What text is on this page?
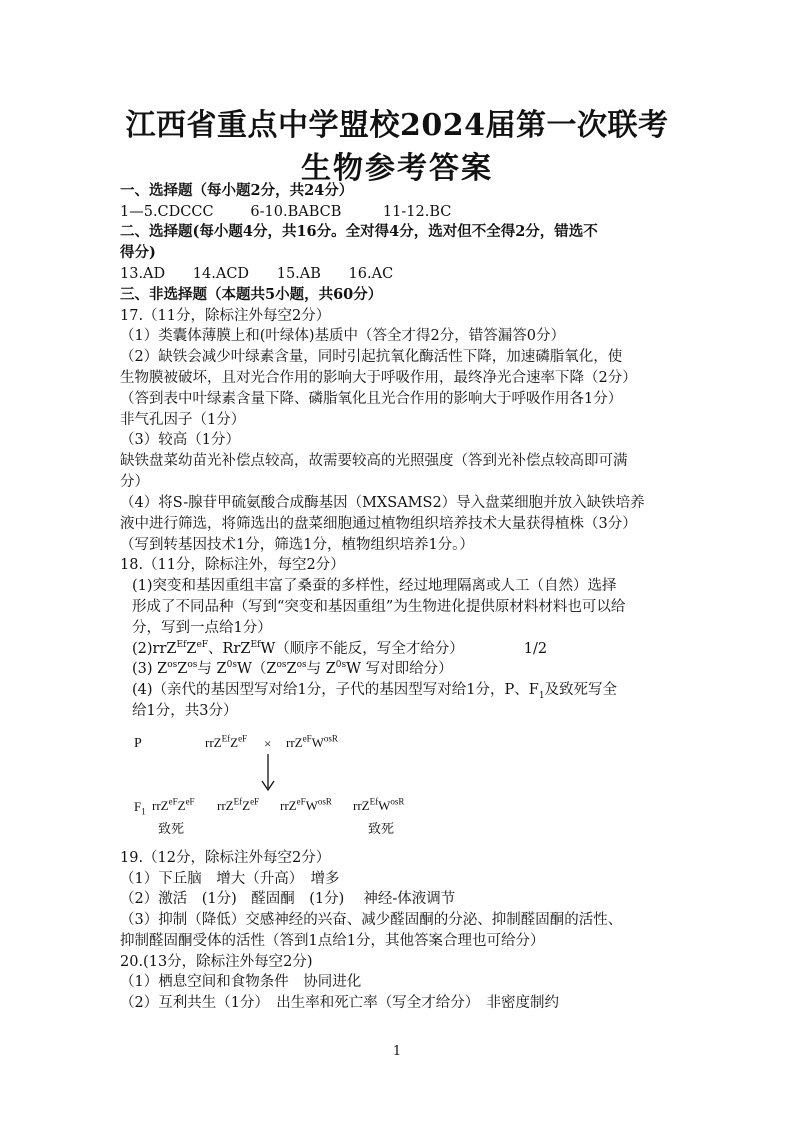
江西省重点中学盟校2024届第一次联考
生物参考答案
一、选择题（每小题2分，共24分）
1—5.CDCCC        6-10.BABCB         11-12.BC
二、选择题(每小题4分，共16分。全对得4分，选对但不全得2分，错选不
得分)
13.AD      14.ACD      15.AB      16.AC
三、非选择题（本题共5小题，共60分）
17.（11分，除标注外每空2分）
（1）类囊体薄膜上和(叶绿体)基质中（答全才得2分，错答漏答0分）
（2）缺铁会减少叶绿素含量，同时引起抗氧化酶活性下降，加速磷脂氧化，使
生物膜被破坏，且对光合作用的影响大于呼吸作用，最终净光合速率下降（2分）
（答到表中叶绿素含量下降、磷脂氧化且光合作用的影响大于呼吸作用各1分）
非气孔因子（1分）
（3）较高（1分）
缺铁盘菜幼苗光补偿点较高，故需要较高的光照强度（答到光补偿点较高即可满
分）
（4）将S-腺苷甲硫氨酸合成酶基因（MXSAMS2）导入盘菜细胞并放入缺铁培养
液中进行筛选，将筛选出的盘菜细胞通过植物组织培养技术大量获得植株（3分）
（写到转基因技术1分，筛选1分，植物组织培养1分。）
18.（11分，除标注外，每空2分）
(1)突变和基因重组丰富了桑蚕的多样性，经过地理隔离或人工（自然）选择
形成了不同品种（写到“突变和基因重组”为生物进化提供原材料材料也可以给
分，写到一点给1分）
$(2)rrZ^{Ef}Z^{eF}$、RrZ$^{Ef}$W（顺序不能反，写全才给分）	1/2
(3) $Z^{os}Z^{os}$与 $Z^{0s}W(Z^{os}Z^{os}$与 $Z^{0s}W$ 写对即给分）
(4)（亲代的基因型写对给1分，子代的基因型写对给1分，P、$F_1$及致死写全
给1分，共3分）
P	$rrZ^{Ef}Z^{eF} \times rrZ^{eF}W^{osR}$
$F_1$ $rrZ^{eF}Z^{eF}$ $rrZ^{Ef}Z^{eF}$ $rrZ^{eF}W^{osR}$ $rrZ^{Ef}W^{osR}$
致死	致死
19.（12分，除标注外每空2分）
（1）下丘脑　增大（升高）　增多
（2）激活　(1分)　醛固酮　(1分)　 神经-体液调节
（3）抑制（降低）交感神经的兴奋、减少醛固酮的分泌、抑制醛固酮的活性、
抑制醛固酮受体的活性（答到1点给1分，其他答案合理也可给分）
20.(13分，除标注外每空2分)
（1）栖息空间和食物条件　协同进化
（2）互利共生（1分）　出生率和死亡率（写全才给分）　非密度制约
1
